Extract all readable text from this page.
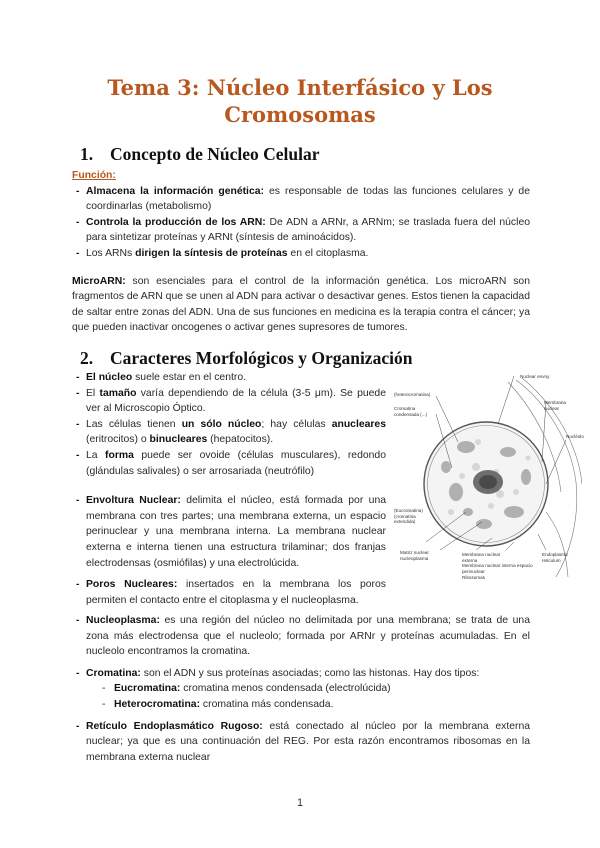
Tema 3: Núcleo Interfásico y Los
Cromosomas
1. Concepto de Núcleo Celular
Función:
- Almacena la información genética: es responsable de todas las funciones celulares y de coordinarlas (metabolismo)
- Controla la producción de los ARN: De ADN a ARNr, a ARNm; se traslada fuera del núcleo para sintetizar proteínas y ARNt (síntesis de aminoácidos).
- Los ARNs dirigen la síntesis de proteínas en el citoplasma.
MicroARN: son esenciales para el control de la información genética. Los microARN son fragmentos de ARN que se unen al ADN para activar o desactivar genes. Estos tienen la capacidad de saltar entre zonas del ADN. Una de sus funciones en medicina es la terapia contra el cáncer; ya que pueden inactivar oncogenes o activar genes supresores de tumores.
2. Caracteres Morfológicos y Organización
- El núcleo suele estar en el centro.
- El tamaño varía dependiendo de la célula (3-5 μm). Se puede ver al Microscopio Óptico.
- Las células tienen un sólo núcleo; hay células anucleares (eritrocitos) o binucleares (hepatocitos).
- La forma puede ser ovoide (células musculares), redondo (glándulas salivales) o ser arrosariada (neutrófilo)
- Envoltura Nuclear: delimita el núcleo, está formada por una membrana con tres partes; una membrana externa, un espacio perinuclear y una membrana interna. La membrana nuclear externa e interna tienen una estructura trilaminar; dos franjas electrodensas (osmiófilas) y una electrolúcida.
- Poros Nucleares: insertados en la membrana los poros permiten el contacto entre el citoplasma y el nucleoplasma.
- Nucleoplasma: es una región del núcleo no delimitada por una membrana; se trata de una zona más electrodensa que el nucleolo; formada por ARNr y proteínas acumuladas. En el nucleolo encontramos la cromatina.
- Cromatina: son el ADN y sus proteínas asociadas; como las histonas. Hay dos tipos:
- Eucromatina: cromatina menos condensada (electrolúcida)
- Heterocromatina: cromatina más condensada.
- Retículo Endoplasmático Rugoso: está conectado al núcleo por la membrana externa nuclear; ya que es una continuación del REG. Por esta razón encontramos ribosomas en la membrana externa nuclear
Nuclear envoy
(heterocromatina)
Cromatina condensada (...)
Membrana nuclear
Nucléolo
(Eucromatina) (cromatina extendida)
Matriz nuclear nucleoplasma
Membrana nuclear externa
Membrana nuclear interna espacio perinuclear
Ribosomas
Endoplasmic reticulum
1
